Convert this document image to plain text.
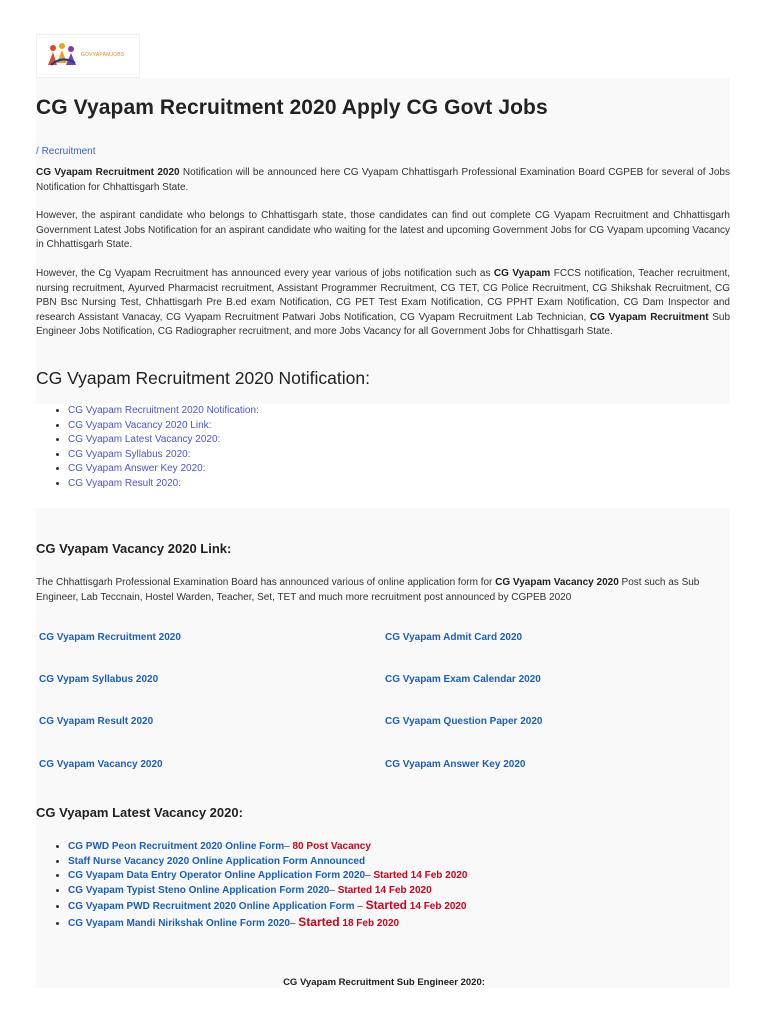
GOVYAPAMJOBS
CG Vyapam Recruitment 2020 Apply CG Govt Jobs
/ Recruitment

CG Vyapam Recruitment 2020 Notification will be announced here CG Vyapam Chhattisgarh Professional Examination Board CGPEB for several of Jobs Notification for Chhattisgarh State.

However, the aspirant candidate who belongs to Chhattisgarh state, those candidates can find out complete CG Vyapam Recruitment and Chhattisgarh Government Latest Jobs Notification for an aspirant candidate who waiting for the latest and upcoming Government Jobs for CG Vyapam upcoming Vacancy in Chhattisgarh State.

However, the Cg Vyapam Recruitment has announced every year various of jobs notification such as CG Vyapam FCCS notification, Teacher recruitment, nursing recruitment, Ayurved Pharmacist recruitment, Assistant Programmer Recruitment, CG TET, CG Police Recruitment, CG Shikshak Recruitment, CG PBN Bsc Nursing Test, Chhattisgarh Pre B.ed exam Notification, CG PET Test Exam Notification, CG PPHT Exam Notification, CG Dam Inspector and research Assistant Vanacay, CG Vyapam Recruitment Patwari Jobs Notification, CG Vyapam Recruitment Lab Technician, CG Vyapam Recruitment Sub Engineer Jobs Notification, CG Radiographer recruitment, and more Jobs Vacancy for all Government Jobs for Chhattisgarh State.

CG Vyapam Recruitment 2020 Notification:
• CG Vyapam Recruitment 2020 Notification:
• CG Vyapam Vacancy 2020 Link:
• CG Vyapam Latest Vacancy 2020:
• CG Vyapam Syllabus 2020:
• CG Vyapam Answer Key 2020:
• CG Vyapam Result 2020:
CG Vyapam Vacancy 2020 Link:

The Chhattisgarh Professional Examination Board has announced various of online application form for CG Vyapam Vacancy 2020 Post such as Sub Engineer, Lab Teccnain, Hostel Warden, Teacher, Set, TET and much more recruitment post announced by CGPEB 2020

CG Vyapam Recruitment 2020	CG Vyapam Admit Card 2020
CG Vypam Syllabus 2020	CG Vyapam Exam Calendar 2020
CG Vyapam Result 2020	CG Vyapam Question Paper 2020
CG Vyapam Vacancy 2020	CG Vyapam Answer Key 2020
CG Vyapam Latest Vacancy 2020:
• CG PWD Peon Recruitment 2020 Online Form– 80 Post Vacancy
• Staff Nurse Vacancy 2020 Online Application Form Announced
• CG Vyapam Data Entry Operator Online Application Form 2020– Started 14 Feb 2020
• CG Vyapam Typist Steno Online Application Form 2020– Started 14 Feb 2020
• CG Vyapam PWD Recruitment 2020 Online Application Form – Started 14 Feb 2020
• CG Vyapam Mandi Nirikshak Online Form 2020– Started 18 Feb 2020
CG Vyapam Recruitment Sub Engineer 2020:
